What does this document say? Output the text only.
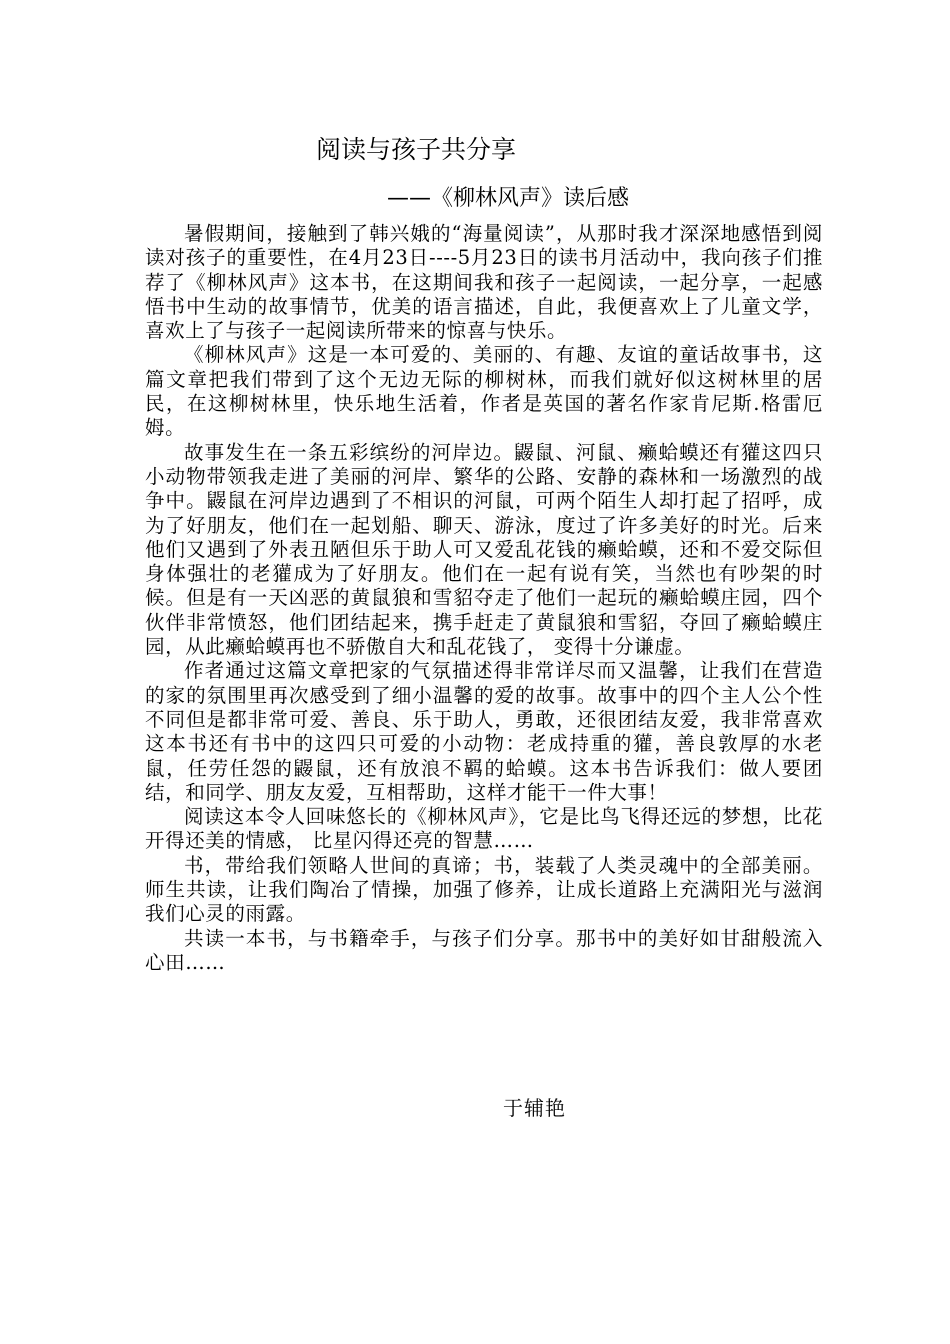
阅读与孩子共分享
——《柳林风声》读后感

暑假期间，接触到了韩兴娥的“海量阅读”，从那时我才深深地感悟到阅读对孩子的重要性，在4月23日----5月23日的读书月活动中，我向孩子们推荐了《柳林风声》这本书，在这期间我和孩子一起阅读，一起分享，一起感悟书中生动的故事情节，优美的语言描述，自此，我便喜欢上了儿童文学，喜欢上了与孩子一起阅读所带来的惊喜与快乐。

《柳林风声》这是一本可爱的、美丽的、有趣、友谊的童话故事书，这篇文章把我们带到了这个无边无际的柳树林，而我们就好似这树林里的居民，在这柳树林里，快乐地生活着，作者是英国的著名作家肯尼斯.格雷厄姆。

故事发生在一条五彩缤纷的河岸边。鼹鼠、河鼠、癞蛤蟆还有獾这四只小动物带领我走进了美丽的河岸、繁华的公路、安静的森林和一场激烈的战争中。鼹鼠在河岸边遇到了不相识的河鼠，可两个陌生人却打起了招呼，成为了好朋友，他们在一起划船、聊天、游泳，度过了许多美好的时光。后来他们又遇到了外表丑陋但乐于助人可又爱乱花钱的癞蛤蟆，还和不爱交际但身体强壮的老獾成为了好朋友。他们在一起有说有笑，当然也有吵架的时候。但是有一天凶恶的黄鼠狼和雪貂夺走了他们一起玩的癞蛤蟆庄园，四个伙伴非常愤怒，他们团结起来，携手赶走了黄鼠狼和雪貂，夺回了癞蛤蟆庄园，从此癞蛤蟆再也不骄傲自大和乱花钱了， 变得十分谦虚。

作者通过这篇文章把家的气氛描述得非常详尽而又温馨，让我们在营造的家的氛围里再次感受到了细小温馨的爱的故事。故事中的四个主人公个性不同但是都非常可爱、善良、乐于助人，勇敢，还很团结友爱，我非常喜欢这本书还有书中的这四只可爱的小动物：老成持重的獾，善良敦厚的水老鼠，任劳任怨的鼹鼠，还有放浪不羁的蛤蟆。这本书告诉我们：做人要团结，和同学、朋友友爱，互相帮助，这样才能干一件大事！

阅读这本令人回味悠长的《柳林风声》，它是比鸟飞得还远的梦想，比花开得还美的情感， 比星闪得还亮的智慧……

书，带给我们领略人世间的真谛；书，装载了人类灵魂中的全部美丽。师生共读，让我们陶冶了情操，加强了修养，让成长道路上充满阳光与滋润我们心灵的雨露。

共读一本书，与书籍牵手，与孩子们分享。那书中的美好如甘甜般流入心田……

于辅艳
